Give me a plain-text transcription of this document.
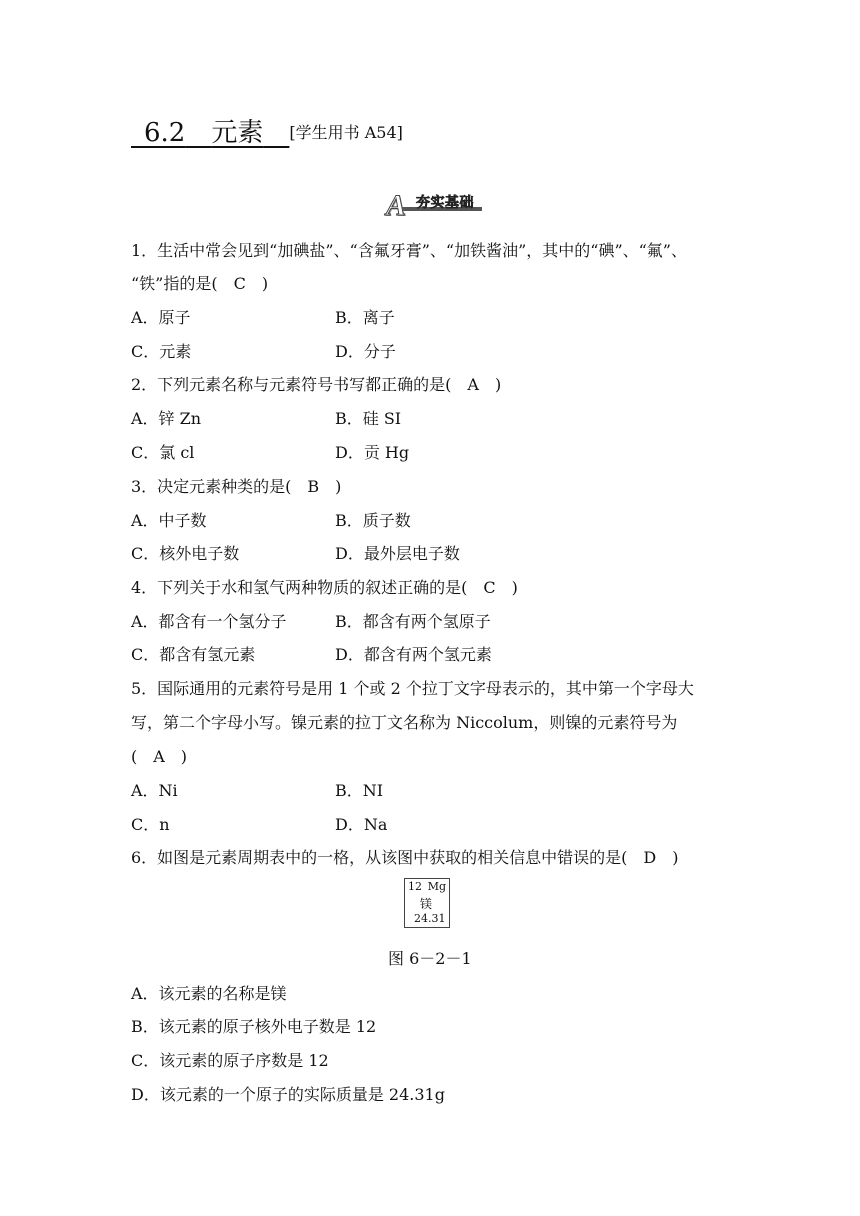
 6.2   元素   [学生用书 A54]
A 夯实基础
1．生活中常会见到“加碘盐”、“含氟牙膏”、“加铁酱油”，其中的“碘”、“氟”、
“铁”指的是(　C　)
A．原子	B．离子
C．元素	D．分子
2．下列元素名称与元素符号书写都正确的是(　A　)
A．锌 Zn	B．硅 SI
C．氯 cl	D．贡 Hg
3．决定元素种类的是(　B　)
A．中子数	B．质子数
C．核外电子数	D．最外层电子数
4．下列关于水和氢气两种物质的叙述正确的是(　C　)
A．都含有一个氢分子	B．都含有两个氢原子
C．都含有氢元素	D．都含有两个氢元素
5．国际通用的元素符号是用 1 个或 2 个拉丁文字母表示的，其中第一个字母大
写，第二个字母小写。镍元素的拉丁文名称为 Niccolum，则镍的元素符号为
(　A　)
A．Ni	B．NI
C．n	D．Na
6．如图是元素周期表中的一格，从该图中获取的相关信息中错误的是(　D　)
12 Mg
镁
24.31
图 6－2－1
A．该元素的名称是镁
B．该元素的原子核外电子数是 12
C．该元素的原子序数是 12
D．该元素的一个原子的实际质量是 24.31g
